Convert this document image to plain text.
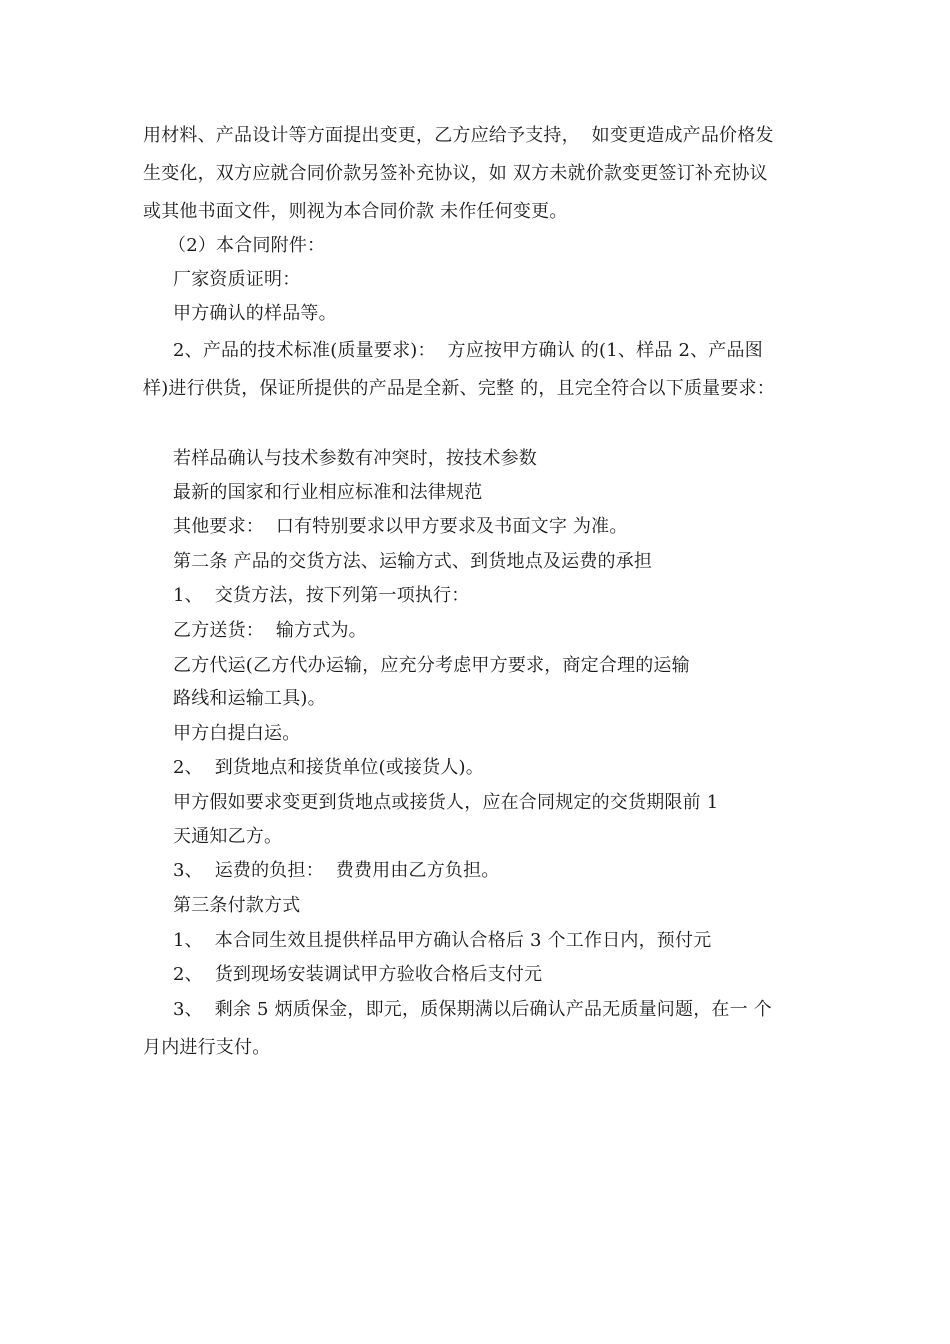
用材料、产品设计等方面提出变更，乙方应给予支持，  如变更造成产品价格发
生变化，双方应就合同价款另签补充协议，如 双方未就价款变更签订补充协议
或其他书面文件，则视为本合同价款 未作任何变更。
（2）本合同附件：
厂家资质证明：
甲方确认的样品等。
2、产品的技术标准(质量要求)：  方应按甲方确认 的(1、样品 2、产品图
样)进行供货，保证所提供的产品是全新、完整 的，且完全符合以下质量要求：
若样品确认与技术参数有冲突时，按技术参数
最新的国家和行业相应标准和法律规范
其他要求：  口有特别要求以甲方要求及书面文字 为准。
第二条 产品的交货方法、运输方式、到货地点及运费的承担
1、  交货方法，按下列第一项执行：
乙方送货：  输方式为。
乙方代运(乙方代办运输，应充分考虑甲方要求，商定合理的运输
路线和运输工具)。
甲方白提白运。
2、  到货地点和接货单位(或接货人)。
甲方假如要求变更到货地点或接货人，应在合同规定的交货期限前 1
天通知乙方。
3、  运费的负担：  费费用由乙方负担。
第三条付款方式
1、  本合同生效且提供样品甲方确认合格后 3 个工作日内，预付元
2、  货到现场安装调试甲方验收合格后支付元
3、  剩余 5 炳质保金，即元，质保期满以后确认产品无质量问题，在一 个
月内进行支付。
